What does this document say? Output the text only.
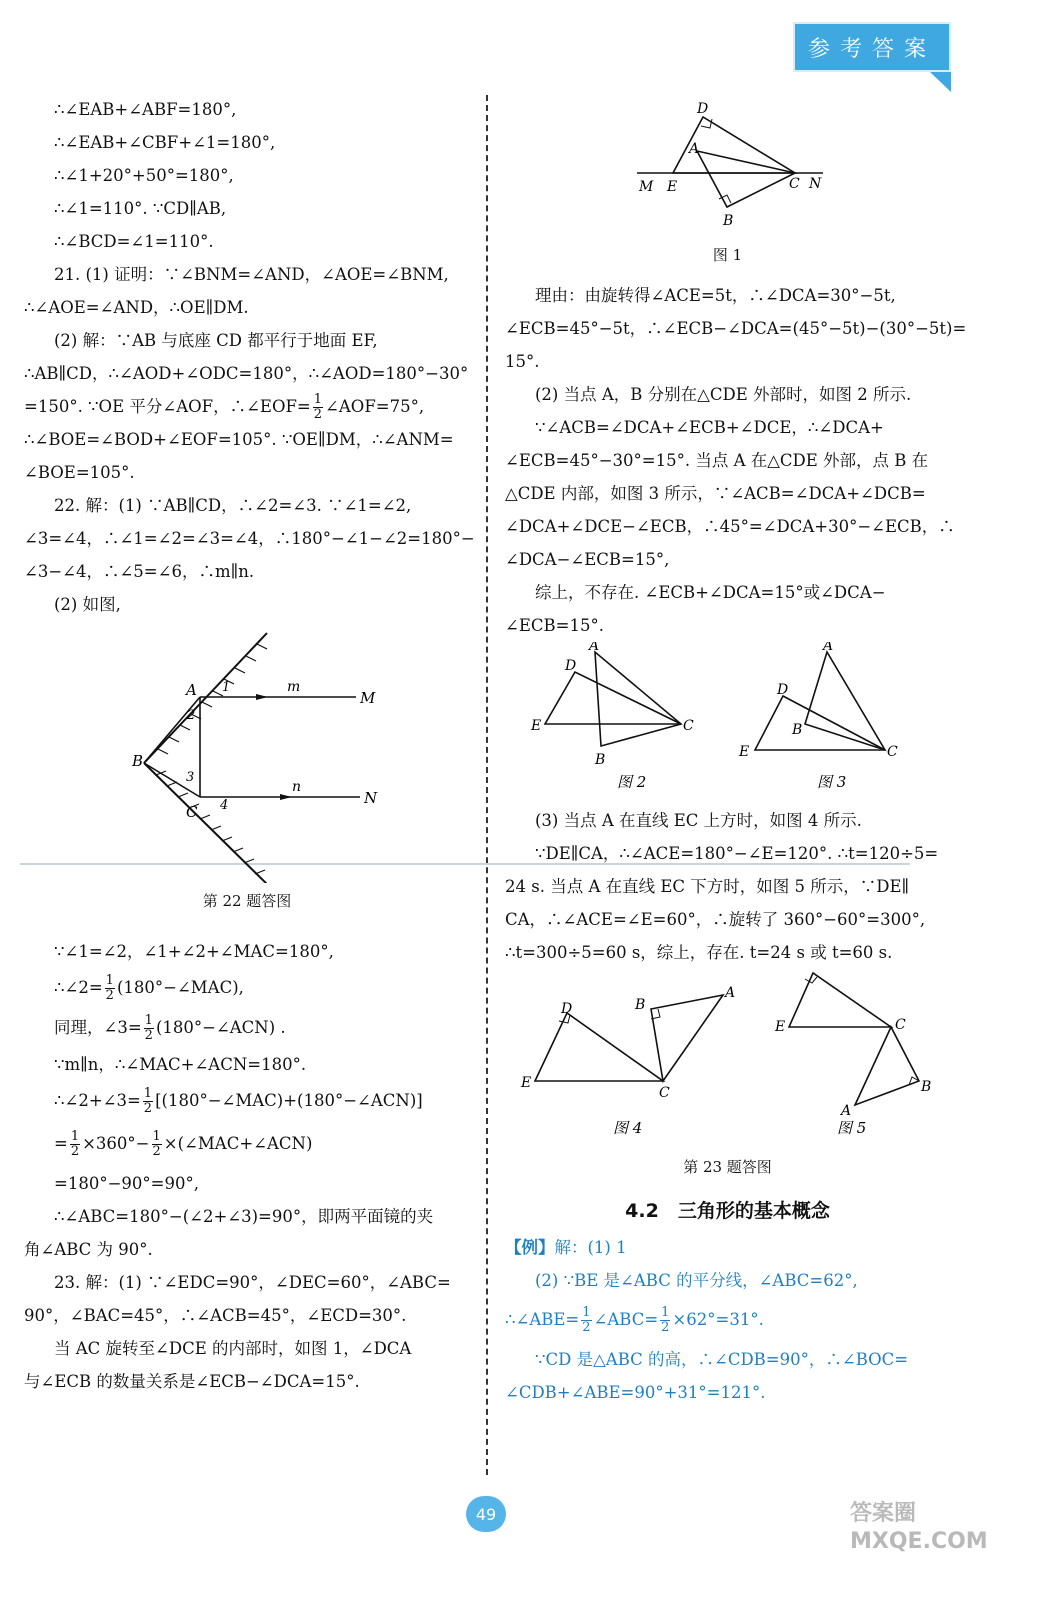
参考答案
∴∠EAB+∠ABF=180°,
∴∠EAB+∠CBF+∠1=180°,
∴∠1+20°+50°=180°,
∴∠1=110°. ∵CD∥AB,
∴∠BCD=∠1=110°.
21. (1) 证明：∵∠BNM=∠AND，∠AOE=∠BNM,
∴∠AOE=∠AND，∴OE∥DM.
(2) 解：∵AB 与底座 CD 都平行于地面 EF,
∴AB∥CD，∴∠AOD+∠ODC=180°，∴∠AOD=180°−30°
=150°. ∵OE 平分∠AOF，∴∠EOF= $\frac{1}{2}$ ∠AOF=75°,
∴∠BOE=∠BOD+∠EOF=105°. ∵OE∥DM，∴∠ANM=
∠BOE=105°.
22. 解：(1) ∵AB∥CD，∴∠2=∠3. ∵∠1=∠2,
∠3=∠4，∴∠1=∠2=∠3=∠4，∴180°−∠1−∠2=180°−
∠3−∠4，∴∠5=∠6，∴m∥n.
(2) 如图,
A
B
C
M
N
m
n
1
2
3
4
第 22 题答图
∵∠1=∠2，∠1+∠2+∠MAC=180°,
∴∠2= $\frac{1}{2}$ (180°−∠MAC),
同理，∠3= $\frac{1}{2}$ (180°−∠ACN) .
∵m∥n，∴∠MAC+∠ACN=180°.
∴∠2+∠3= $\frac{1}{2}$ [(180°−∠MAC)+(180°−∠ACN)]
= $\frac{1}{2} \times 360^\circ- \frac{1}{2}$ ×(∠MAC+∠ACN)
=180°−90°=90°,
∴∠ABC=180°−(∠2+∠3)=90°，即两平面镜的夹
角∠ABC 为 90°.
23. 解：(1) ∵∠EDC=90°，∠DEC=60°，∠ABC=
90°，∠BAC=45°，∴∠ACB=45°，∠ECD=30°.
当 AC 旋转至∠DCE 的内部时，如图 1，∠DCA
与∠ECB 的数量关系是∠ECB−∠DCA=15°.
D
A
M E	C N
B
图 1
理由：由旋转得∠ACE=5t，∴∠DCA=30°−5t,
∠ECB=45°−5t，∴∠ECB−∠DCA=(45°−5t)−(30°−5t)=
15°.
(2) 当点 A，B 分别在△CDE 外部时，如图 2 所示.
∵∠ACB=∠DCA+∠ECB+∠DCE，∴∠DCA+
∠ECB=45°−30°=15°. 当点 A 在△CDE 外部，点 B 在
△CDE 内部，如图 3 所示，∵∠ACB=∠DCA+∠DCB=
∠DCA+∠DCE−∠ECB，∴45°=∠DCA+30°−∠ECB，∴
∠DCA−∠ECB=15°,
综上，不存在. ∠ECB+∠DCA=15°或∠DCA−
∠ECB=15°.
A
D
E
B
C
A
D
B
E	C
图 2	图 3
(3) 当点 A 在直线 EC 上方时，如图 4 所示.
∵DE∥CA，∴∠ACE=180°−∠E=120°. ∴t=120÷5=
24 s. 当点 A 在直线 EC 下方时，如图 5 所示，∵DE∥
CA，∴∠ACE=∠E=60°，∴旋转了 360°−60°=300°,
∴t=300÷5=60 s，综上，存在. t=24 s 或 t=60 s.
D	B
A
E
C
E	C
A
B
图 4	图 5
第 23 题答图
4.2　三角形的基本概念
【例】解：(1) 1
(2) ∵BE 是∠ABC 的平分线，∠ABC=62°,
∴∠ABE= $\frac{1}{2}$ ∠ABC= $\frac{1}{2} \times 62^\circ=31^\circ$.
∵CD 是△ABC 的高，∴∠CDB=90°，∴∠BOC=
∠CDB+∠ABE=90°+31°=121°.
49	答案圈
MXQE.COM
